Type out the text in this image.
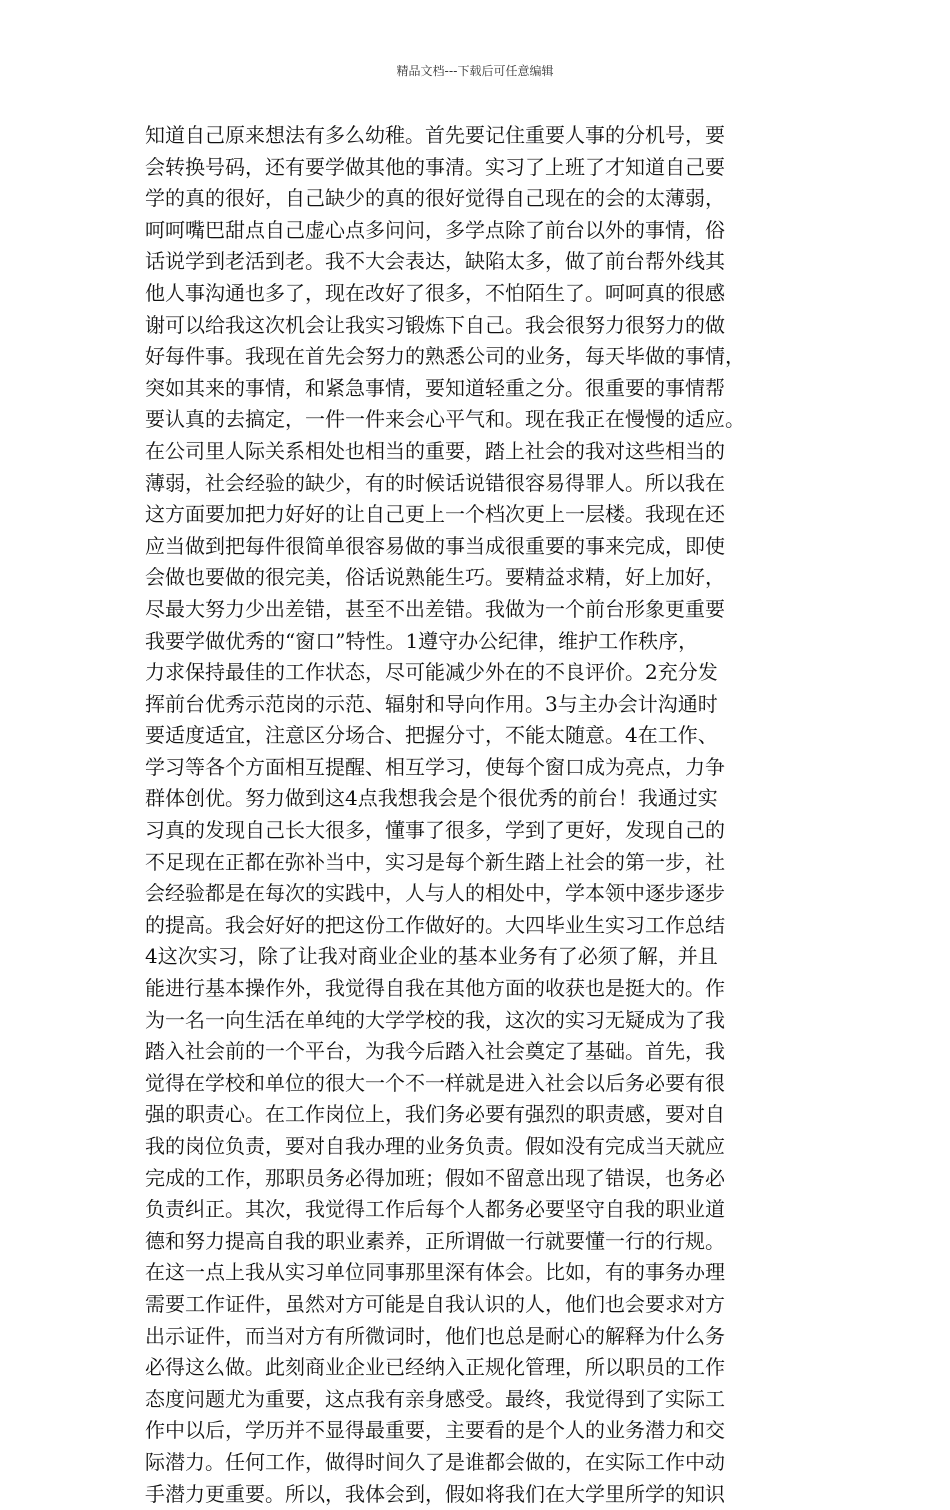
精品文档---下载后可任意编辑
知道自己原来想法有多么幼稚。首先要记住重要人事的分机号，要
会转换号码，还有要学做其他的事清。实习了上班了才知道自己要
学的真的很好，自己缺少的真的很好觉得自己现在的会的太薄弱，
呵呵嘴巴甜点自己虚心点多问问，多学点除了前台以外的事情，俗
话说学到老活到老。我不大会表达，缺陷太多，做了前台帮外线其
他人事沟通也多了，现在改好了很多，不怕陌生了。呵呵真的很感
谢可以给我这次机会让我实习锻炼下自己。我会很努力很努力的做
好每件事。我现在首先会努力的熟悉公司的业务，每天毕做的事情，
突如其来的事情，和紧急事情，要知道轻重之分。很重要的事情帮
要认真的去搞定，一件一件来会心平气和。现在我正在慢慢的适应。
在公司里人际关系相处也相当的重要，踏上社会的我对这些相当的
薄弱，社会经验的缺少，有的时候话说错很容易得罪人。所以我在
这方面要加把力好好的让自己更上一个档次更上一层楼。我现在还
应当做到把每件很简单很容易做的事当成很重要的事来完成，即使
会做也要做的很完美，俗话说熟能生巧。要精益求精，好上加好，
尽最大努力少出差错，甚至不出差错。我做为一个前台形象更重要
我要学做优秀的“窗口”特性。1遵守办公纪律，维护工作秩序，
力求保持最佳的工作状态，尽可能减少外在的不良评价。2充分发
挥前台优秀示范岗的示范、辐射和导向作用。3与主办会计沟通时
要适度适宜，注意区分场合、把握分寸，不能太随意。4在工作、
学习等各个方面相互提醒、相互学习，使每个窗口成为亮点，力争
群体创优。努力做到这4点我想我会是个很优秀的前台！我通过实
习真的发现自己长大很多，懂事了很多，学到了更好，发现自己的
不足现在正都在弥补当中，实习是每个新生踏上社会的第一步，社
会经验都是在每次的实践中，人与人的相处中，学本领中逐步逐步
的提高。我会好好的把这份工作做好的。大四毕业生实习工作总结
4这次实习，除了让我对商业企业的基本业务有了必须了解，并且
能进行基本操作外，我觉得自我在其他方面的收获也是挺大的。作
为一名一向生活在单纯的大学学校的我，这次的实习无疑成为了我
踏入社会前的一个平台，为我今后踏入社会奠定了基础。首先，我
觉得在学校和单位的很大一个不一样就是进入社会以后务必要有很
强的职责心。在工作岗位上，我们务必要有强烈的职责感，要对自
我的岗位负责，要对自我办理的业务负责。假如没有完成当天就应
完成的工作，那职员务必得加班；假如不留意出现了错误，也务必
负责纠正。其次，我觉得工作后每个人都务必要坚守自我的职业道
德和努力提高自我的职业素养，正所谓做一行就要懂一行的行规。
在这一点上我从实习单位同事那里深有体会。比如，有的事务办理
需要工作证件，虽然对方可能是自我认识的人，他们也会要求对方
出示证件，而当对方有所微词时，他们也总是耐心的解释为什么务
必得这么做。此刻商业企业已经纳入正规化管理，所以职员的工作
态度问题尤为重要，这点我有亲身感受。最终，我觉得到了实际工
作中以后，学历并不显得最重要，主要看的是个人的业务潜力和交
际潜力。任何工作，做得时间久了是谁都会做的，在实际工作中动
手潜力更重要。所以，我体会到，假如将我们在大学里所学的知识
